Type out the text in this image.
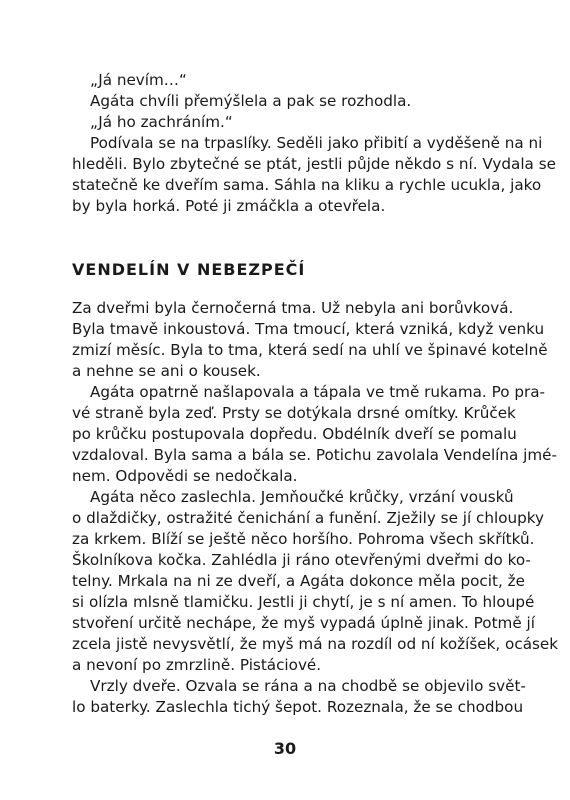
„Já nevím…“
Agáta chvíli přemýšlela a pak se rozhodla.
„Já ho zachráním.“
Podívala se na trpaslíky. Seděli jako přibití a vyděšeně na ni
hleděli. Bylo zbytečné se ptát, jestli půjde někdo s ní. Vydala se
statečně ke dveřím sama. Sáhla na kliku a rychle ucukla, jako
by byla horká. Poté ji zmáčkla a otevřela.
VENDELÍN V NEBEZPEČÍ
Za dveřmi byla černočerná tma. Už nebyla ani borůvková.
Byla tmavě inkoustová. Tma tmoucí, která vzniká, když venku
zmizí měsíc. Byla to tma, která sedí na uhlí ve špinavé kotelně
a nehne se ani o kousek.
Agáta opatrně našlapovala a tápala ve tmě rukama. Po pra-
vé straně byla zeď. Prsty se dotýkala drsné omítky. Krůček
po krůčku postupovala dopředu. Obdélník dveří se pomalu
vzdaloval. Byla sama a bála se. Potichu zavolala Vendelína jmé-
nem. Odpovědi se nedočkala.
Agáta něco zaslechla. Jemňoučké krůčky, vrzání vousků
o dlaždičky, ostražité čenichání a funění. Zježily se jí chloupky
za krkem. Blíží se ještě něco horšího. Pohroma všech skřítků.
Školníkova kočka. Zahlédla ji ráno otevřenými dveřmi do ko-
telny. Mrkala na ni ze dveří, a Agáta dokonce měla pocit, že
si olízla mlsně tlamičku. Jestli ji chytí, je s ní amen. To hloupé
stvoření určitě nechápe, že myš vypadá úplně jinak. Potmě jí
zcela jistě nevysvětlí, že myš má na rozdíl od ní kožíšek, ocásek
a nevoní po zmrzlině. Pistáciové.
Vrzly dveře. Ozvala se rána a na chodbě se objevilo svět-
lo baterky. Zaslechla tichý šepot. Rozeznala, že se chodbou
30
